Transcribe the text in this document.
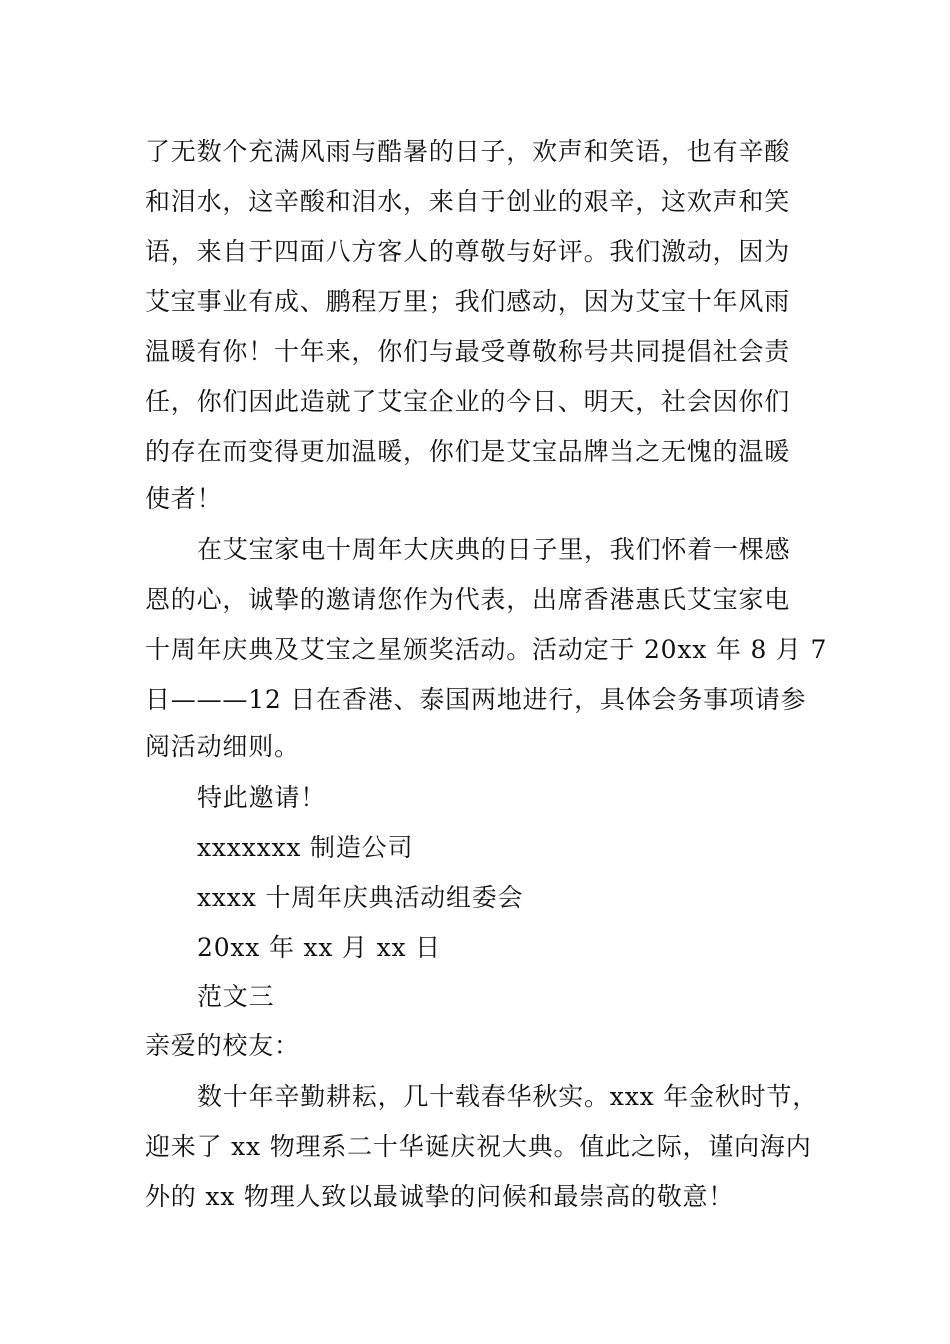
了无数个充满风雨与酷暑的日子，欢声和笑语，也有辛酸
和泪水，这辛酸和泪水，来自于创业的艰辛，这欢声和笑
语，来自于四面八方客人的尊敬与好评。我们激动，因为
艾宝事业有成、鹏程万里；我们感动，因为艾宝十年风雨
温暖有你！十年来，你们与最受尊敬称号共同提倡社会责
任，你们因此造就了艾宝企业的今日、明天，社会因你们
的存在而变得更加温暖，你们是艾宝品牌当之无愧的温暖
使者！
在艾宝家电十周年大庆典的日子里，我们怀着一棵感
恩的心，诚挚的邀请您作为代表，出席香港惠氏艾宝家电
十周年庆典及艾宝之星颁奖活动。活动定于 20xx 年 8 月 7
日———12 日在香港、泰国两地进行，具体会务事项请参
阅活动细则。
特此邀请！
xxxxxxx 制造公司
xxxx 十周年庆典活动组委会
20xx 年 xx 月 xx 日
范文三
亲爱的校友：
数十年辛勤耕耘，几十载春华秋实。xxx 年金秋时节，
迎来了 xx 物理系二十华诞庆祝大典。值此之际，谨向海内
外的 xx 物理人致以最诚挚的问候和最崇高的敬意！
